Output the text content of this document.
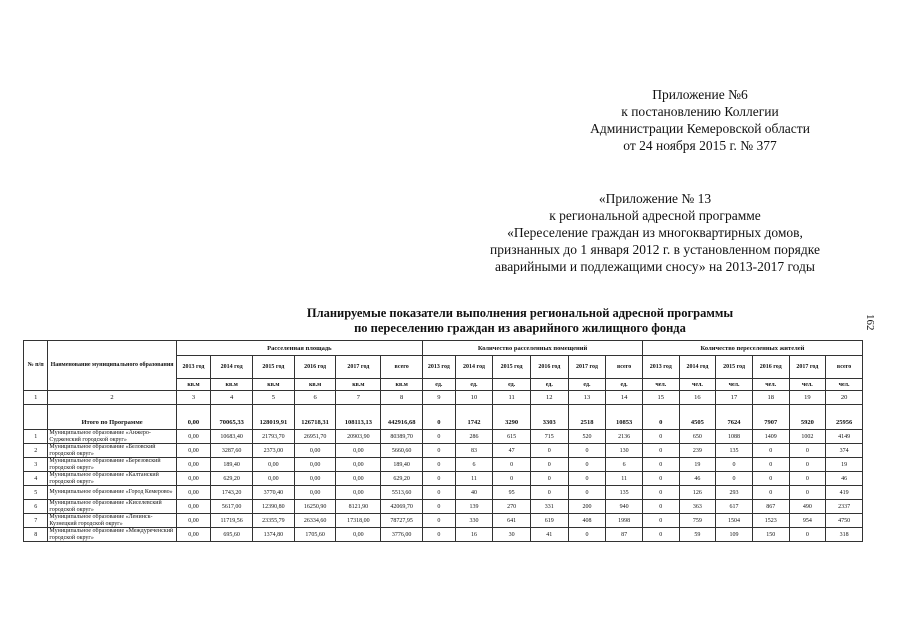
Приложение №6
к постановлению Коллегии
Администрации Кемеровской области
от 24 ноября 2015 г. № 377
«Приложение № 13
к региональной адресной программе
«Переселение граждан из многоквартирных домов,
признанных до 1 января 2012 г. в установленном порядке
аварийными и подлежащими сносу» на 2013-2017 годы
Планируемые показатели выполнения региональной адресной программы
по переселению граждан из аварийного жилищного фонда	162
№ п/п	Наименование муниципального образования	Расселенная площадь						Количество расселенных помещений						Количество переселенных жителей					
		2013 год	2014 год	2015 год	2016 год	2017 год	всего	2013 год	2014 год	2015 год	2016 год	2017 год	всего	2013 год	2014 год	2015 год	2016 год	2017 год	всего
		кв.м	кв.м	кв.м	кв.м	кв.м	кв.м	ед.	ед.	ед.	ед.	ед.	ед.	чел.	чел.	чел.	чел.	чел.	чел.
1	2	3	4	5	6	7	8	9	10	11	12	13	14	15	16	17	18	19	20

	Итого по Программе	0,00	70065,33	128019,91	126718,31	108113,13	442916,68	0	1742	3290	3303	2518	10853	0	4505	7624	7907	5920	25956
1	Муниципальное образование «Анжеро-Судженский городской округ»	0,00	10683,40	21793,70	26951,70	20903,90	80389,70	0	286	615	715	520	2136	0	650	1088	1409	1002	4149
2	Муниципальное образование «Беловский городской округ»	0,00	3287,60	2373,00	0,00	0,00	5660,60	0	83	47	0	0	130	0	239	135	0	0	374
3	Муниципальное образование «Березовский городской округ»	0,00	189,40	0,00	0,00	0,00	189,40	0	6	0	0	0	6	0	19	0	0	0	19
4	Муниципальное образование «Калтанский городской округ»	0,00	629,20	0,00	0,00	0,00	629,20	0	11	0	0	0	11	0	46	0	0	0	46
5	Муниципальное образование «Город Кемерово»	0,00	1743,20	3770,40	0,00	0,00	5513,60	0	40	95	0	0	135	0	126	293	0	0	419
6	Муниципальное образование «Киселевский городской округ»	0,00	5617,00	12390,80	16250,90	8121,90	42069,70	0	139	270	331	200	940	0	363	617	867	490	2337
7	Муниципальное образование «Ленинск-Кузнецкий городской округ»	0,00	11719,56	23355,79	26334,60	17318,00	78727,95	0	330	641	619	408	1998	0	759	1504	1523	954	4750
8	Муниципальное образование «Междуреченский городской округ»	0,00	695,60	1374,80	1705,60	0,00	3776,00	0	16	30	41	0	87	0	59	109	150	0	318
